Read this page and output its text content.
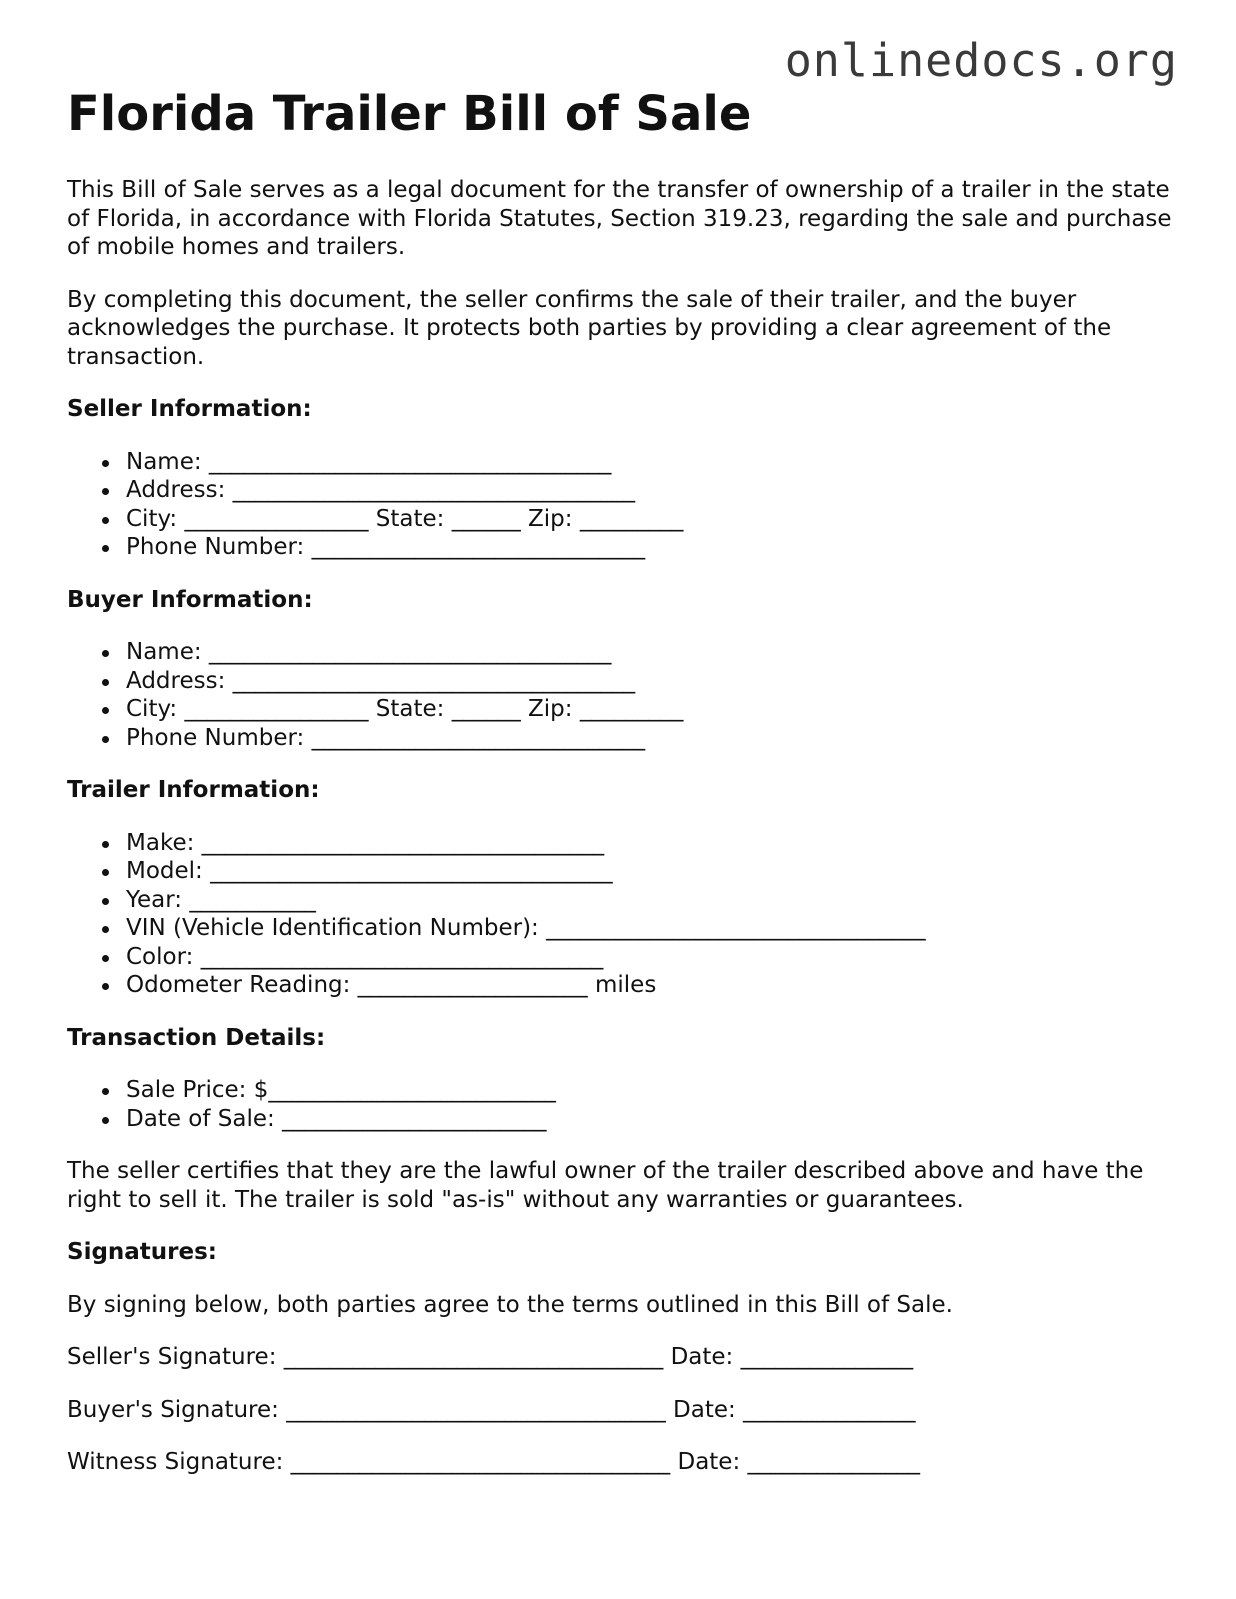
onlinedocs.org
Florida Trailer Bill of Sale

This Bill of Sale serves as a legal document for the transfer of ownership of a trailer in the state of Florida, in accordance with Florida Statutes, Section 319.23, regarding the sale and purchase of mobile homes and trailers.

By completing this document, the seller confirms the sale of their trailer, and the buyer acknowledges the purchase. It protects both parties by providing a clear agreement of the transaction.

Seller Information:
Name: ___________________________________
Address: ___________________________________
City: ________________ State: ______ Zip: _________
Phone Number: _____________________________
Buyer Information:
Name: ___________________________________
Address: ___________________________________
City: ________________ State: ______ Zip: _________
Phone Number: _____________________________
Trailer Information:
Make: ___________________________________
Model: ___________________________________
Year: ___________
VIN (Vehicle Identification Number): _________________________________
Color: ___________________________________
Odometer Reading: ____________________ miles
Transaction Details:
Sale Price: $_________________________
Date of Sale: _______________________

The seller certifies that they are the lawful owner of the trailer described above and have the right to sell it. The trailer is sold "as-is" without any warranties or guarantees.

Signatures:

By signing below, both parties agree to the terms outlined in this Bill of Sale.

Seller's Signature: _________________________________ Date: _______________
Buyer's Signature: _________________________________ Date: _______________
Witness Signature: _________________________________ Date: _______________
